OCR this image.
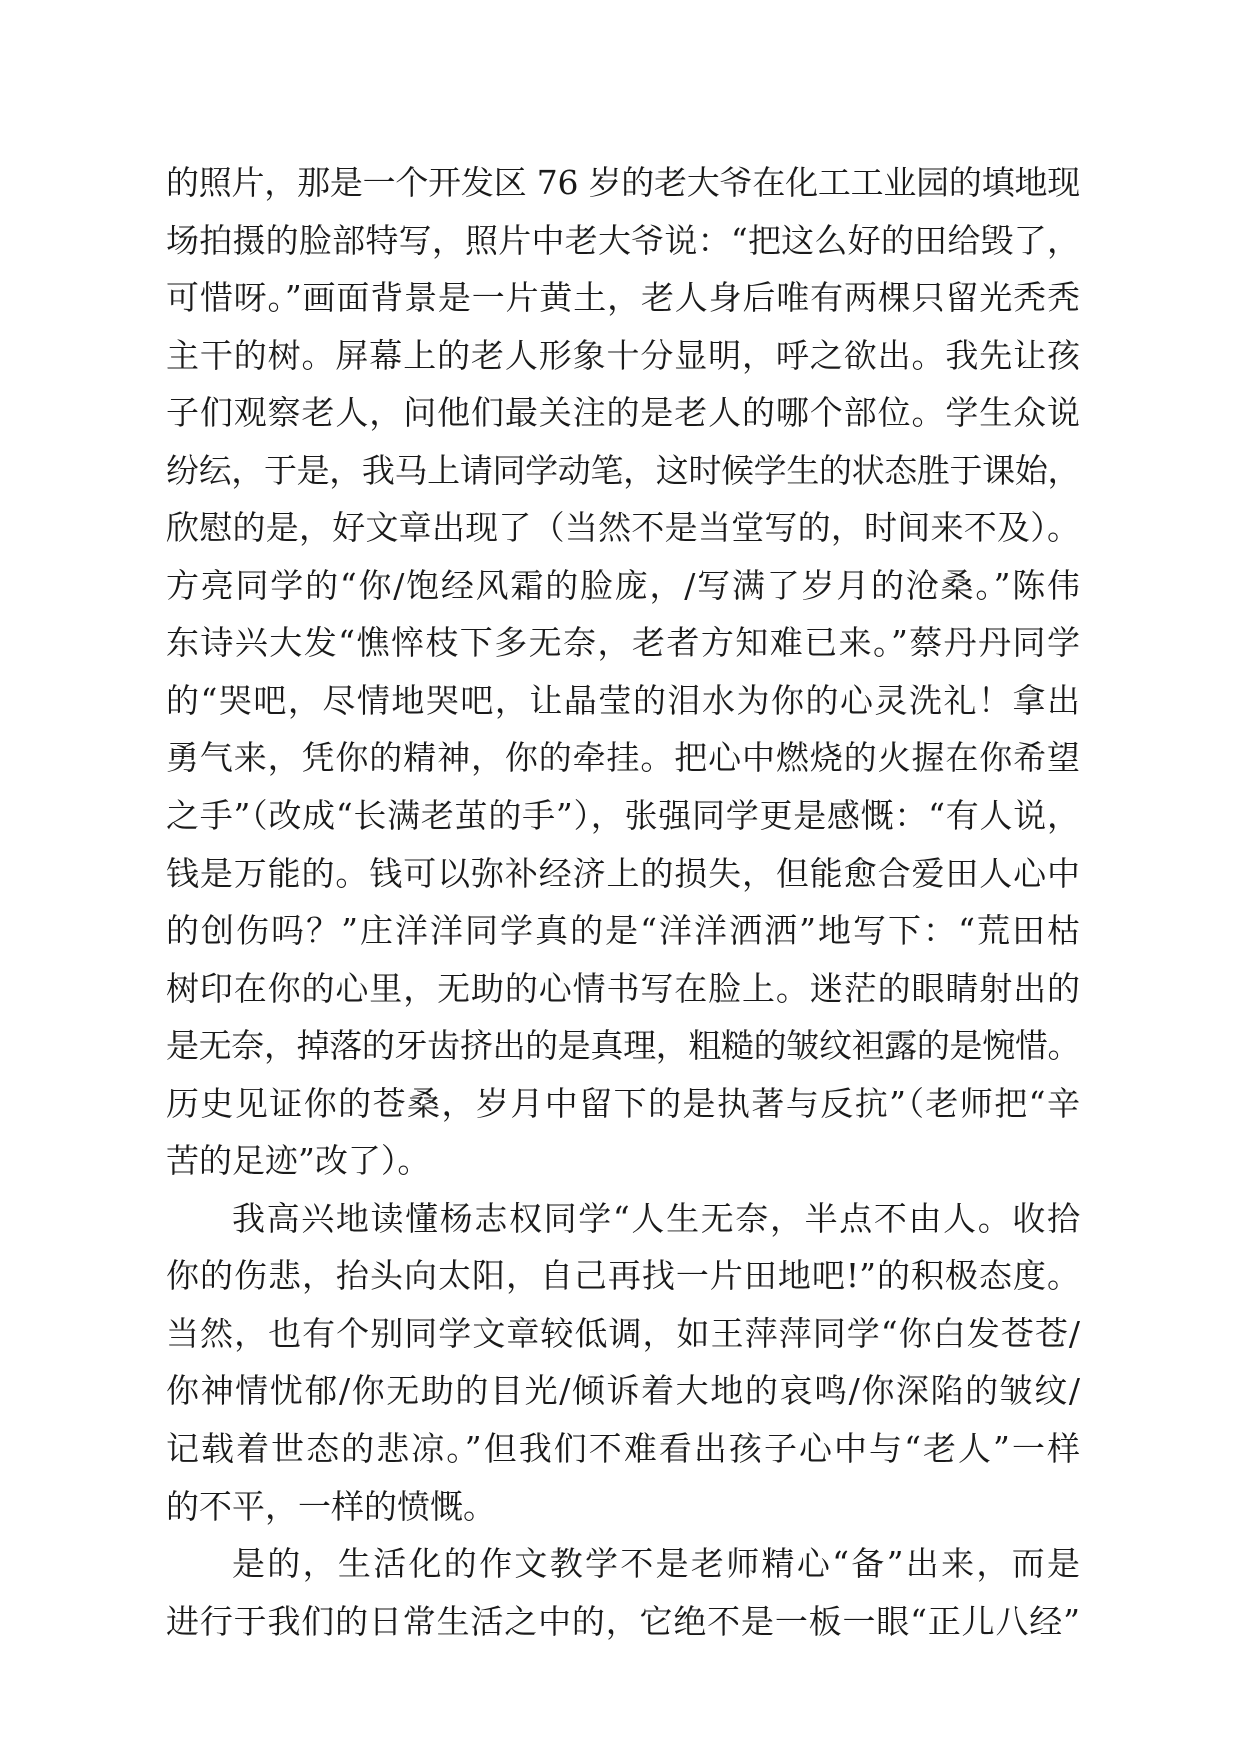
的照片，那是一个开发区 76 岁的老大爷在化工工业园的填地现
场拍摄的脸部特写，照片中老大爷说：“把这么好的田给毁了，
可惜呀。”画面背景是一片黄土，老人身后唯有两棵只留光秃秃
主干的树。屏幕上的老人形象十分显明，呼之欲出。我先让孩
子们观察老人，问他们最关注的是老人的哪个部位。学生众说
纷纭，于是，我马上请同学动笔，这时候学生的状态胜于课始，
欣慰的是，好文章出现了（当然不是当堂写的，时间来不及）。
方亮同学的“你/饱经风霜的脸庞，/写满了岁月的沧桑。”陈伟
东诗兴大发“憔悴枝下多无奈，老者方知难已来。”蔡丹丹同学
的“哭吧，尽情地哭吧，让晶莹的泪水为你的心灵洗礼！拿出
勇气来，凭你的精神，你的牵挂。把心中燃烧的火握在你希望
之手”（改成“长满老茧的手”），张强同学更是感慨：“有人说，
钱是万能的。钱可以弥补经济上的损失，但能愈合爱田人心中
的创伤吗？”庄洋洋同学真的是“洋洋洒洒”地写下：“荒田枯
树印在你的心里，无助的心情书写在脸上。迷茫的眼睛射出的
是无奈，掉落的牙齿挤出的是真理，粗糙的皱纹袒露的是惋惜。
历史见证你的苍桑，岁月中留下的是执著与反抗”（老师把“辛
苦的足迹”改了）。
我高兴地读懂杨志权同学“人生无奈，半点不由人。收拾
你的伤悲，抬头向太阳，自己再找一片田地吧!”的积极态度。
当然，也有个别同学文章较低调，如王萍萍同学“你白发苍苍/
你神情忧郁/你无助的目光/倾诉着大地的哀鸣/你深陷的皱纹/
记载着世态的悲凉。”但我们不难看出孩子心中与“老人”一样
的不平，一样的愤慨。
是的，生活化的作文教学不是老师精心“备”出来，而是
进行于我们的日常生活之中的，它绝不是一板一眼“正儿八经”
